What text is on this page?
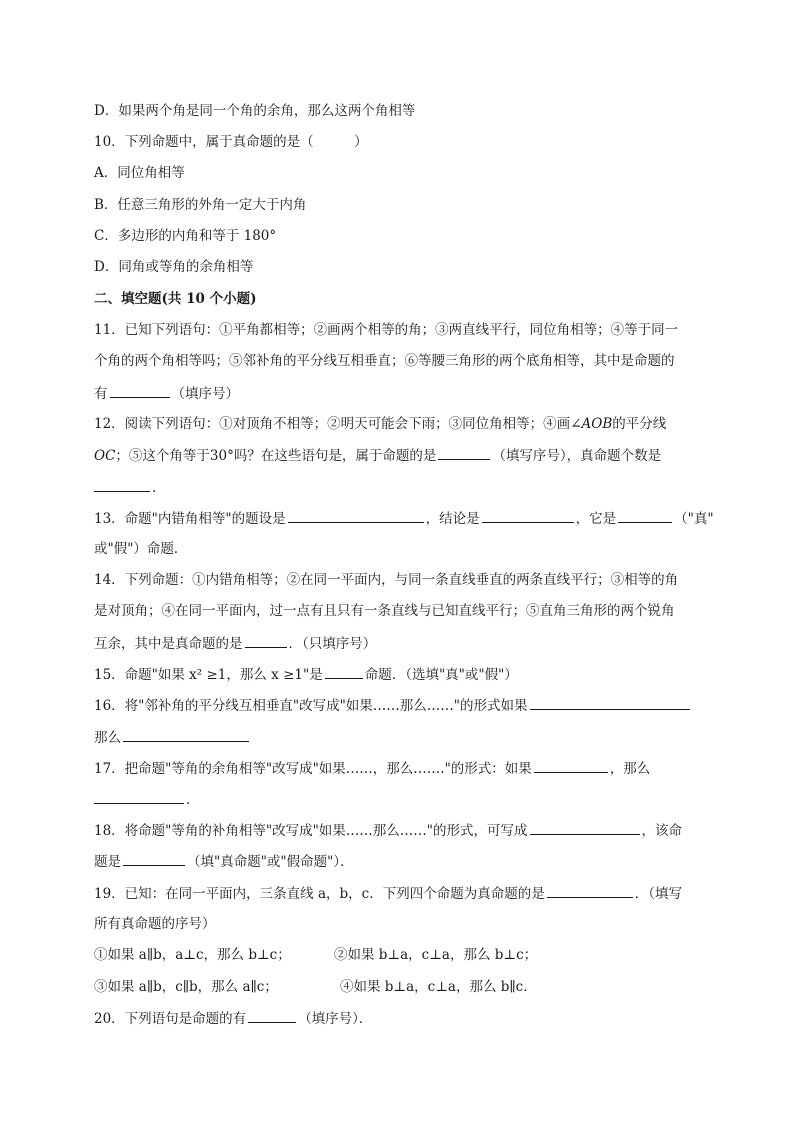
D．如果两个角是同一个角的余角，那么这两个角相等
10．下列命题中，属于真命题的是（　　　）
A．同位角相等
B．任意三角形的外角一定大于内角
C．多边形的内角和等于 180°
D．同角或等角的余角相等
二、填空题(共 10 个小题)
11．已知下列语句：①平角都相等；②画两个相等的角；③两直线平行，同位角相等；④等于同一
个角的两个角相等吗；⑤邻补角的平分线互相垂直；⑥等腰三角形的两个底角相等，其中是命题的
有	（填序号）
12．阅读下列语句：①对顶角不相等；②明天可能会下雨；③同位角相等；④画∠AOB的平分线
OC；⑤这个角等于30°吗？在这些语句是，属于命题的是	（填写序号），真命题个数是
.
13．命题"内错角相等"的题设是	，结论是	，它是	（"真"
或"假"）命题．
14．下列命题：①内错角相等；②在同一平面内，与同一条直线垂直的两条直线平行；③相等的角
是对顶角；④在同一平面内，过一点有且只有一条直线与已知直线平行；⑤直角三角形的两个锐角
互余，其中是真命题的是	．（只填序号）
15．命题"如果 x² ≥1，那么 x ≥1"是	命题．（选填"真"或"假"）
16．将"邻补角的平分线互相垂直"改写成"如果……那么……"的形式如果
那么
17．把命题"等角的余角相等"改写成"如果……，那么……."的形式：如果	，那么
.
18．将命题"等角的补角相等"改写成"如果……那么……"的形式，可写成	，该命
题是	（填"真命题"或"假命题"）．
19．已知：在同一平面内，三条直线 a，b，c．下列四个命题为真命题的是	．（填写
所有真命题的序号）
①如果 a∥b，a⊥c，那么 b⊥c；	②如果 b⊥a，c⊥a，那么 b⊥c；
③如果 a∥b，c∥b，那么 a∥c；	④如果 b⊥a，c⊥a，那么 b∥c．
20．下列语句是命题的有	（填序号）．
